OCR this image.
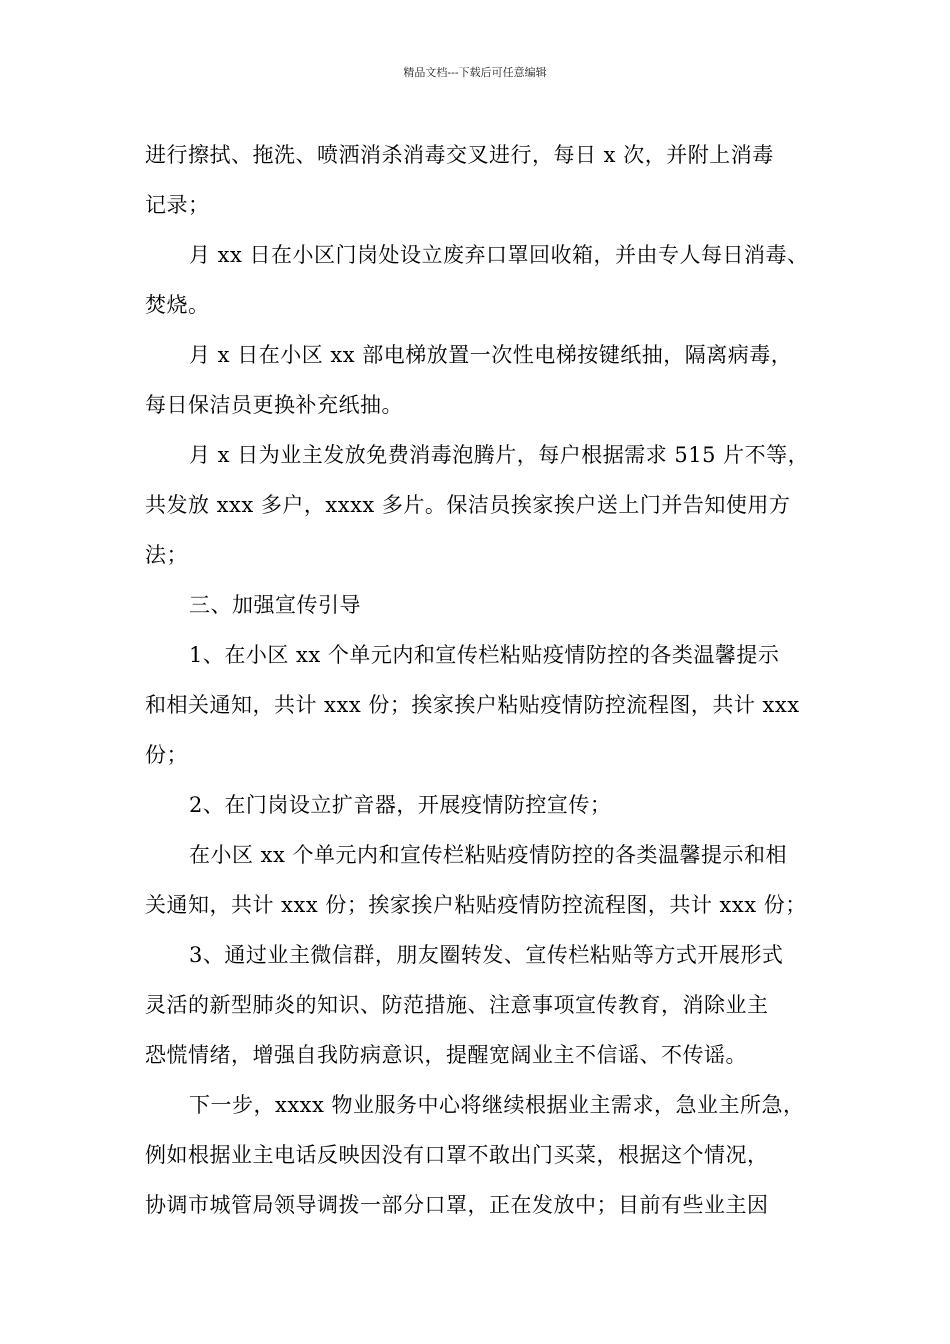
精品文档---下载后可任意编辑
进行擦拭、拖洗、喷洒消杀消毒交叉进行，每日 x 次，并附上消毒
记录；
月 xx 日在小区门岗处设立废弃口罩回收箱，并由专人每日消毒、
焚烧。
月 x 日在小区 xx 部电梯放置一次性电梯按键纸抽，隔离病毒，
每日保洁员更换补充纸抽。
月 x 日为业主发放免费消毒泡腾片，每户根据需求 515 片不等，
共发放 xxx 多户，xxxx 多片。保洁员挨家挨户送上门并告知使用方
法；
三、加强宣传引导
1、在小区 xx 个单元内和宣传栏粘贴疫情防控的各类温馨提示
和相关通知，共计 xxx 份；挨家挨户粘贴疫情防控流程图，共计 xxx
份；
2、在门岗设立扩音器，开展疫情防控宣传；
在小区 xx 个单元内和宣传栏粘贴疫情防控的各类温馨提示和相
关通知，共计 xxx 份；挨家挨户粘贴疫情防控流程图，共计 xxx 份；
3、通过业主微信群，朋友圈转发、宣传栏粘贴等方式开展形式
灵活的新型肺炎的知识、防范措施、注意事项宣传教育，消除业主
恐慌情绪，增强自我防病意识，提醒宽阔业主不信谣、不传谣。
下一步，xxxx 物业服务中心将继续根据业主需求，急业主所急，
例如根据业主电话反映因没有口罩不敢出门买菜，根据这个情况，
协调市城管局领导调拨一部分口罩，正在发放中；目前有些业主因
